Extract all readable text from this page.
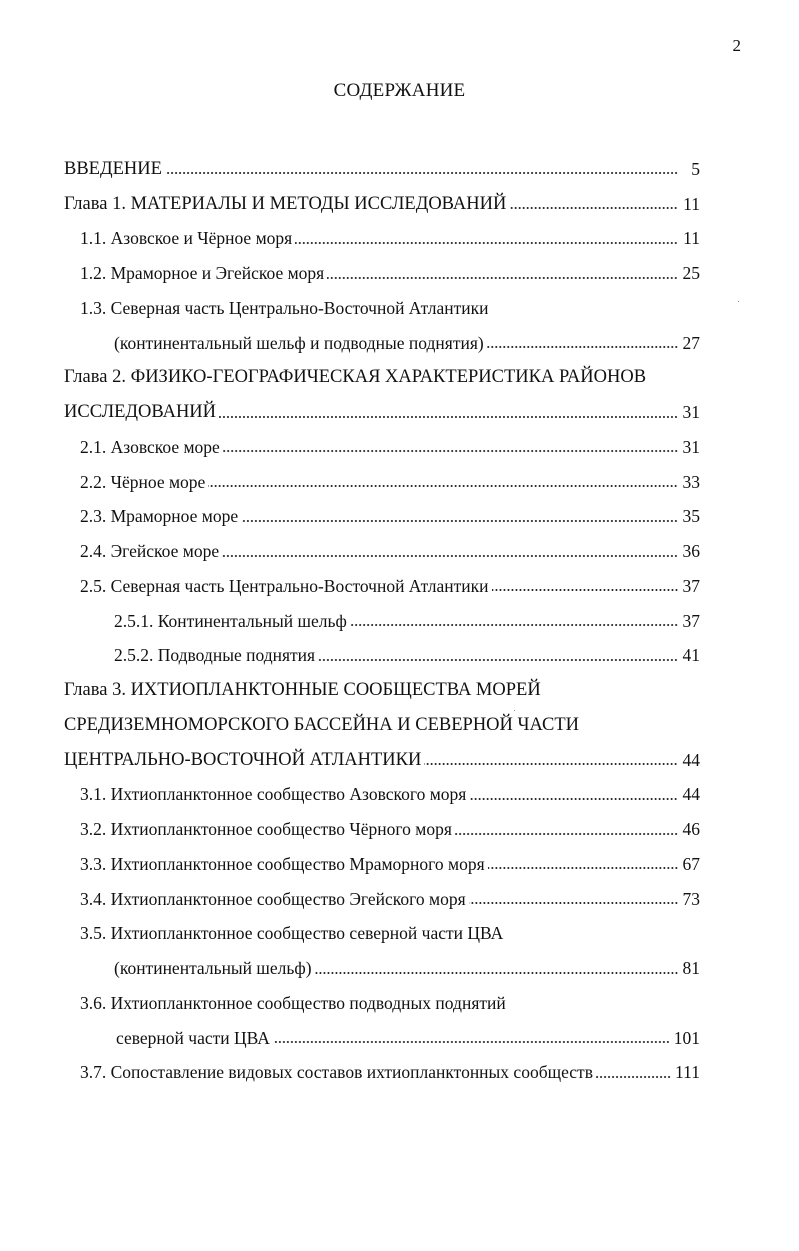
2
СОДЕРЖАНИЕ
ВВЕДЕНИЕ	5
Глава 1. МАТЕРИАЛЫ И МЕТОДЫ ИССЛЕДОВАНИЙ	11
1.1. Азовское и Чёрное моря	11
1.2. Мраморное и Эгейское моря	25
1.3. Северная часть Центрально-Восточной Атлантики
(континентальный шельф и подводные поднятия)	27
Глава 2. ФИЗИКО-ГЕОГРАФИЧЕСКАЯ ХАРАКТЕРИСТИКА РАЙОНОВ
ИССЛЕДОВАНИЙ	31
2.1. Азовское море	31
2.2. Чёрное море	33
2.3. Мраморное море	35
2.4. Эгейское море	36
2.5. Северная часть Центрально-Восточной Атлантики	37
2.5.1. Континентальный шельф	37
2.5.2. Подводные поднятия	41
Глава 3. ИХТИОПЛАНКТОННЫЕ СООБЩЕСТВА МОРЕЙ
СРЕДИЗЕМНОМОРСКОГО БАССЕЙНА И СЕВЕРНОЙ ЧАСТИ
ЦЕНТРАЛЬНО-ВОСТОЧНОЙ АТЛАНТИКИ	44
3.1. Ихтиопланктонное сообщество Азовского моря	44
3.2. Ихтиопланктонное сообщество Чёрного моря	46
3.3. Ихтиопланктонное сообщество Мраморного моря	67
3.4. Ихтиопланктонное сообщество Эгейского моря	73
3.5. Ихтиопланктонное сообщество северной части ЦВА
(континентальный шельф)	81
3.6. Ихтиопланктонное сообщество подводных поднятий
северной части ЦВА	101
3.7. Сопоставление видовых составов ихтиопланктонных сообществ	111
